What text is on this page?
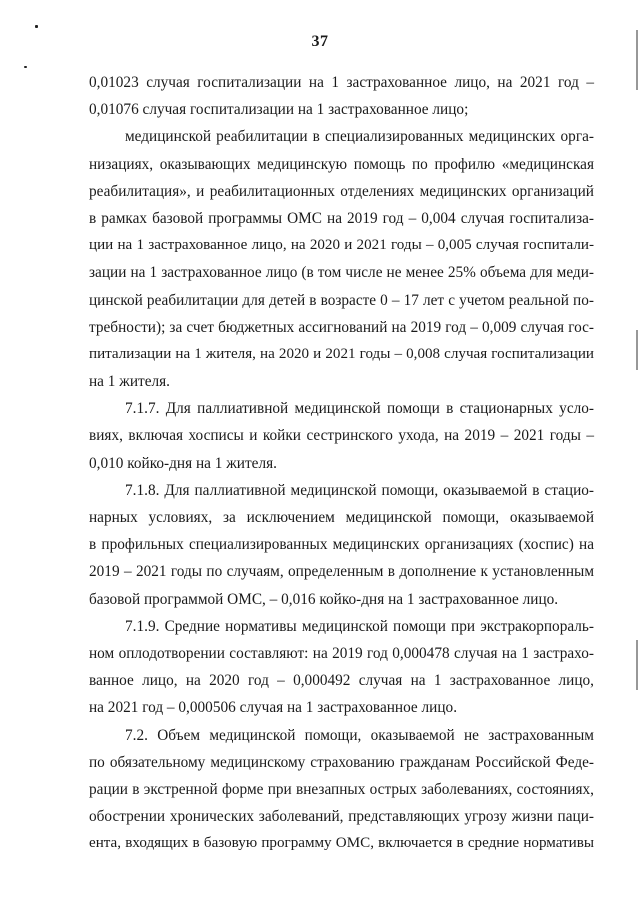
37
0,01023 случая госпитализации на 1 застрахованное лицо, на 2021 год –
0,01076 случая госпитализации на 1 застрахованное лицо;
медицинской реабилитации в специализированных медицинских орга-
низациях, оказывающих медицинскую помощь по профилю «медицинская
реабилитация», и реабилитационных отделениях медицинских организаций
в рамках базовой программы ОМС на 2019 год – 0,004 случая госпитализа-
ции на 1 застрахованное лицо, на 2020 и 2021 годы – 0,005 случая госпитали-
зации на 1 застрахованное лицо (в том числе не менее 25% объема для меди-
цинской реабилитации для детей в возрасте 0 – 17 лет с учетом реальной по-
требности); за счет бюджетных ассигнований на 2019 год – 0,009 случая гос-
питализации на 1 жителя, на 2020 и 2021 годы – 0,008 случая госпитализации
на 1 жителя.
7.1.7. Для паллиативной медицинской помощи в стационарных усло-
виях, включая хосписы и койки сестринского ухода, на 2019 – 2021 годы –
0,010 койко-дня на 1 жителя.
7.1.8. Для паллиативной медицинской помощи, оказываемой в стацио-
нарных условиях, за исключением медицинской помощи, оказываемой
в профильных специализированных медицинских организациях (хоспис) на
2019 – 2021 годы по случаям, определенным в дополнение к установленным
базовой программой ОМС, – 0,016 койко-дня на 1 застрахованное лицо.
7.1.9. Средние нормативы медицинской помощи при экстракорпораль-
ном оплодотворении составляют: на 2019 год 0,000478 случая на 1 застрахо-
ванное лицо, на 2020 год – 0,000492 случая на 1 застрахованное лицо,
на 2021 год – 0,000506 случая на 1 застрахованное лицо.
7.2. Объем медицинской помощи, оказываемой не застрахованным
по обязательному медицинскому страхованию гражданам Российской Феде-
рации в экстренной форме при внезапных острых заболеваниях, состояниях,
обострении хронических заболеваний, представляющих угрозу жизни паци-
ента, входящих в базовую программу ОМС, включается в средние нормативы
